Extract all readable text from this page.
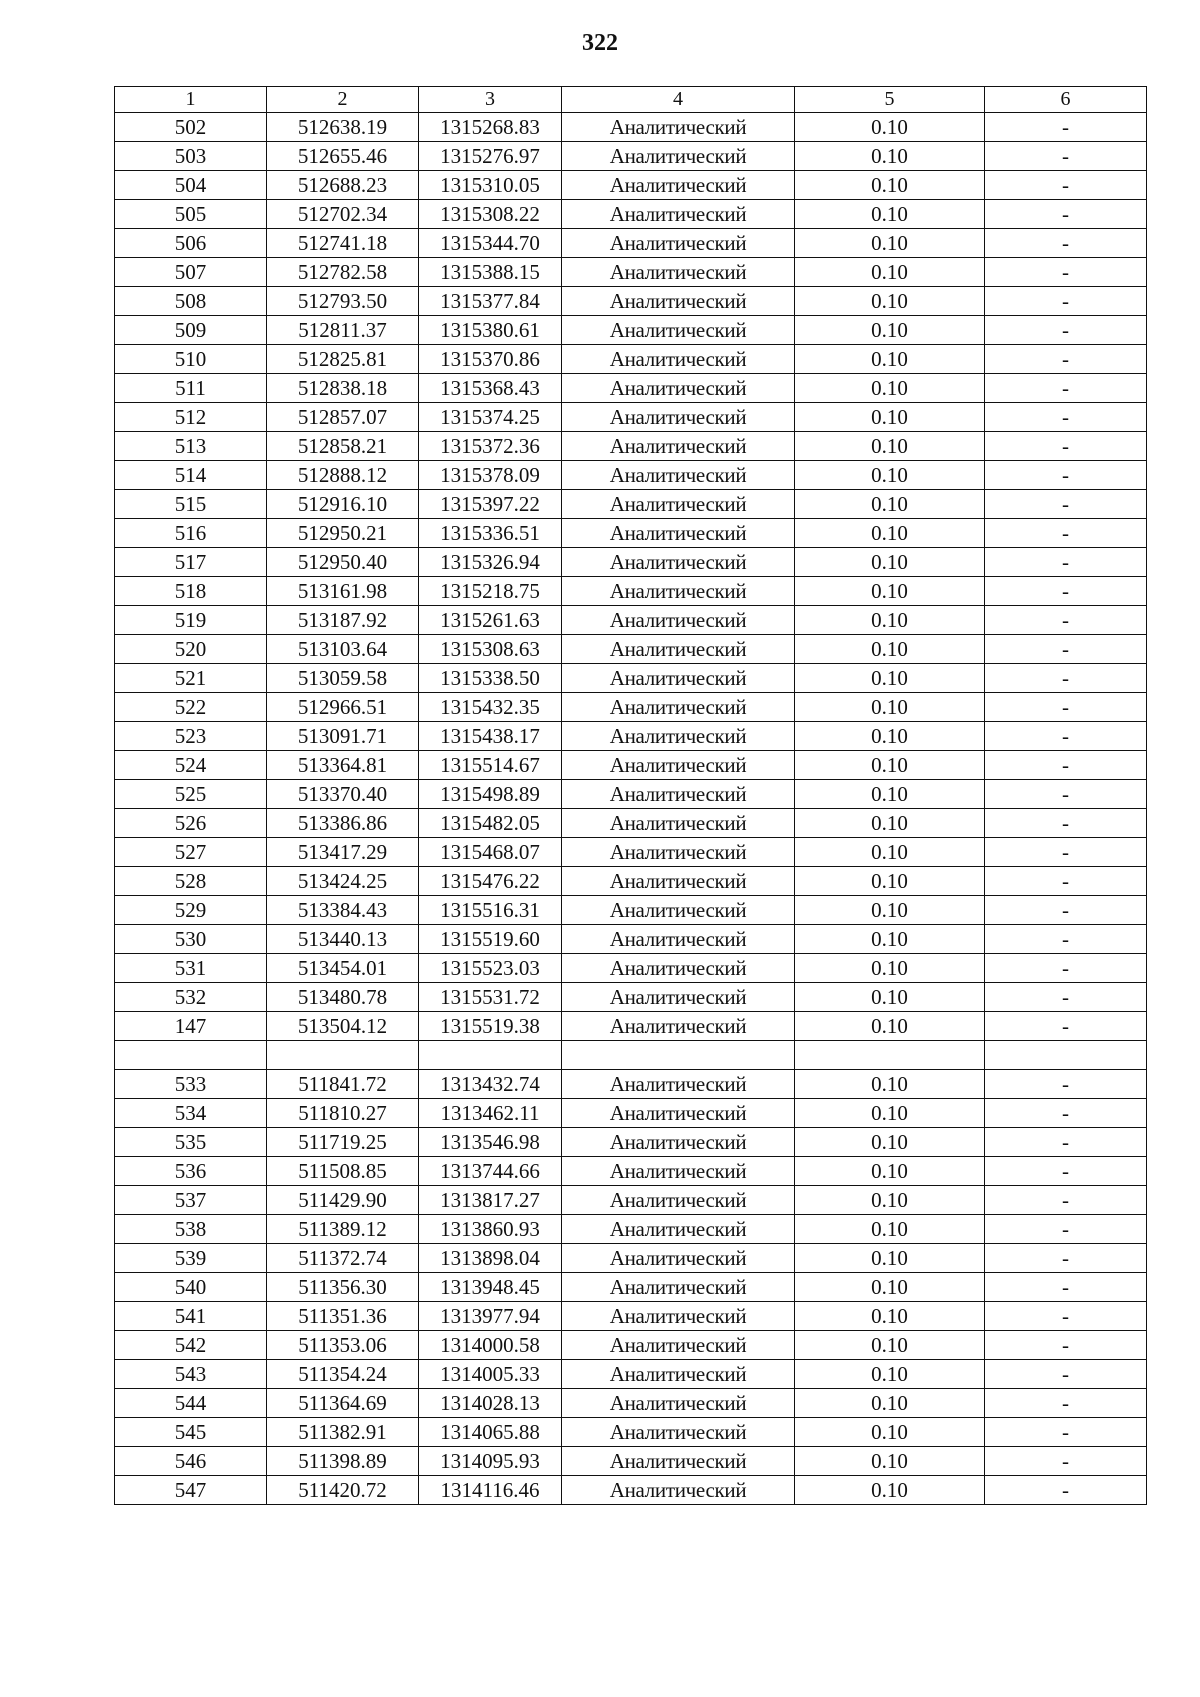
322
1	2	3	4	5	6
502	512638.19	1315268.83	Аналитический	0.10	-
503	512655.46	1315276.97	Аналитический	0.10	-
504	512688.23	1315310.05	Аналитический	0.10	-
505	512702.34	1315308.22	Аналитический	0.10	-
506	512741.18	1315344.70	Аналитический	0.10	-
507	512782.58	1315388.15	Аналитический	0.10	-
508	512793.50	1315377.84	Аналитический	0.10	-
509	512811.37	1315380.61	Аналитический	0.10	-
510	512825.81	1315370.86	Аналитический	0.10	-
511	512838.18	1315368.43	Аналитический	0.10	-
512	512857.07	1315374.25	Аналитический	0.10	-
513	512858.21	1315372.36	Аналитический	0.10	-
514	512888.12	1315378.09	Аналитический	0.10	-
515	512916.10	1315397.22	Аналитический	0.10	-
516	512950.21	1315336.51	Аналитический	0.10	-
517	512950.40	1315326.94	Аналитический	0.10	-
518	513161.98	1315218.75	Аналитический	0.10	-
519	513187.92	1315261.63	Аналитический	0.10	-
520	513103.64	1315308.63	Аналитический	0.10	-
521	513059.58	1315338.50	Аналитический	0.10	-
522	512966.51	1315432.35	Аналитический	0.10	-
523	513091.71	1315438.17	Аналитический	0.10	-
524	513364.81	1315514.67	Аналитический	0.10	-
525	513370.40	1315498.89	Аналитический	0.10	-
526	513386.86	1315482.05	Аналитический	0.10	-
527	513417.29	1315468.07	Аналитический	0.10	-
528	513424.25	1315476.22	Аналитический	0.10	-
529	513384.43	1315516.31	Аналитический	0.10	-
530	513440.13	1315519.60	Аналитический	0.10	-
531	513454.01	1315523.03	Аналитический	0.10	-
532	513480.78	1315531.72	Аналитический	0.10	-
147	513504.12	1315519.38	Аналитический	0.10	-

533	511841.72	1313432.74	Аналитический	0.10	-
534	511810.27	1313462.11	Аналитический	0.10	-
535	511719.25	1313546.98	Аналитический	0.10	-
536	511508.85	1313744.66	Аналитический	0.10	-
537	511429.90	1313817.27	Аналитический	0.10	-
538	511389.12	1313860.93	Аналитический	0.10	-
539	511372.74	1313898.04	Аналитический	0.10	-
540	511356.30	1313948.45	Аналитический	0.10	-
541	511351.36	1313977.94	Аналитический	0.10	-
542	511353.06	1314000.58	Аналитический	0.10	-
543	511354.24	1314005.33	Аналитический	0.10	-
544	511364.69	1314028.13	Аналитический	0.10	-
545	511382.91	1314065.88	Аналитический	0.10	-
546	511398.89	1314095.93	Аналитический	0.10	-
547	511420.72	1314116.46	Аналитический	0.10	-
